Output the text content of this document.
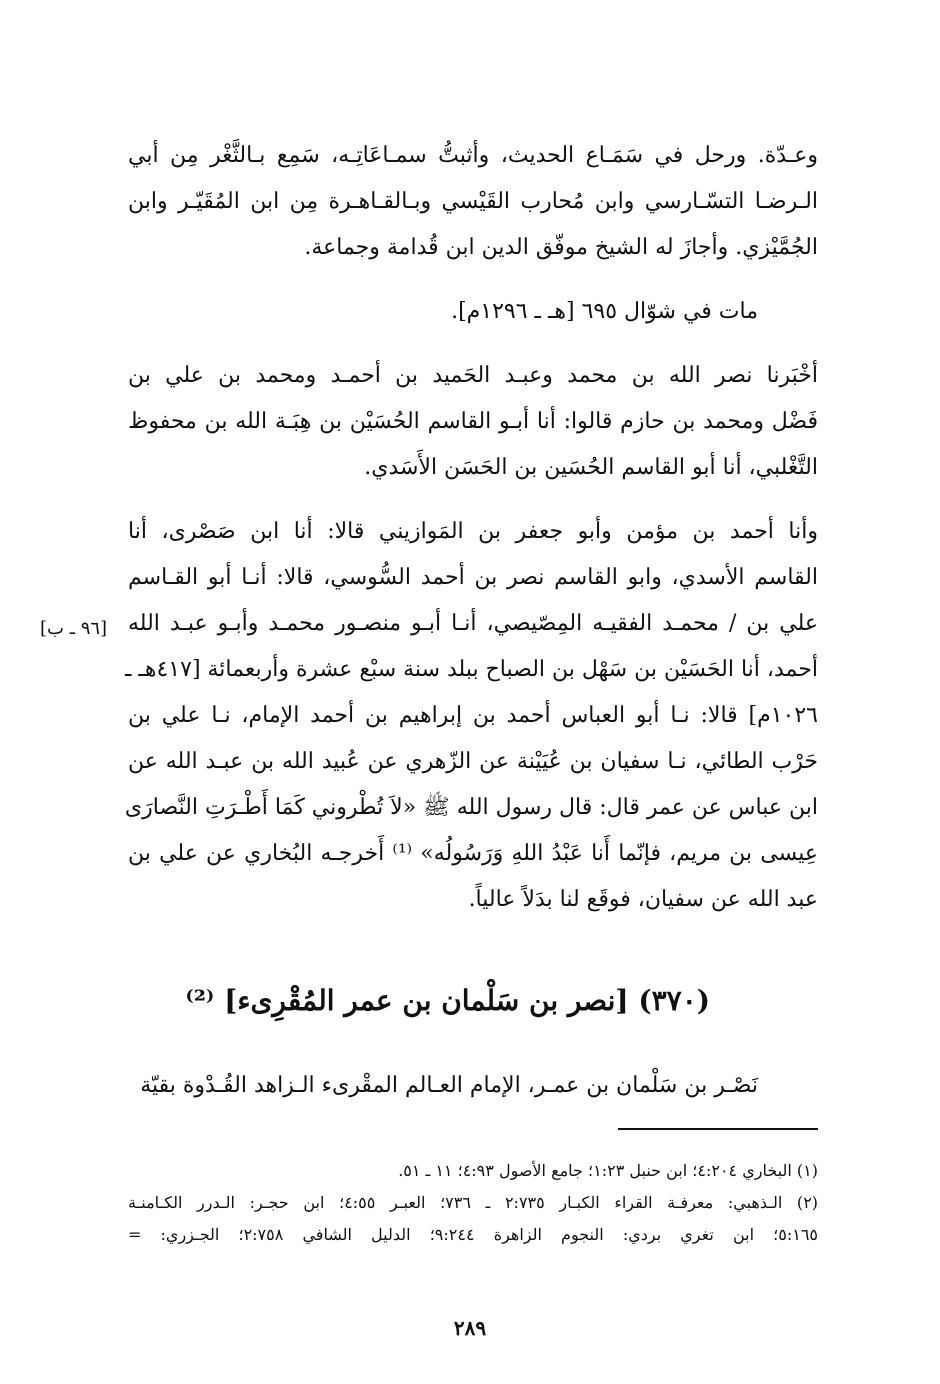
وعـدّة. ورحل في سَمَـاع الحديث، وأثبتُّ سمـاعَاتِـه، سَمِع بـالثَّغْر مِن أبي
الـرضـا التسّـارسي وابن مُحارب القَيْسي وبـالقـاهـرة مِن ابن المُقَيّـر وابن
الجُمَّيْزي. وأجازَ له الشيخ موفّق الدين ابن قُدامة وجماعة.
مات في شوّال ٦٩٥ [هـ ـ ١٢٩٦م].
أخْبَرنا نصر الله بن محمد وعبـد الحَميد بن أحمـد ومحمد بن علي بن
فَضْل ومحمد بن حازم قالوا: أنا أبـو القاسم الحُسَيْن بن هِبَـة الله بن محفوظ
التَّغْلبي، أنا أبو القاسم الحُسَين بن الحَسَن الأَسَدي.
وأنا أحمد بن مؤمن وأبو جعفر بن المَوازيني قالا: أنا ابن صَصْرى، أنا
القاسم الأسدي، وابو القاسم نصر بن أحمد السُّوسي، قالا: أنـا أبو القـاسم
علي بن / محمـد الفقيـه المِصّيصي، أنـا أبـو منصـور محمـد وأبـو عبـد الله
أحمد، أنا الحَسَيْن بن سَهْل بن الصباح ببلد سنة سبْع عشرة وأربعمائة [٤١٧هـ ـ
١٠٢٦م] قالا: نـا أبو العباس أحمد بن إبراهيم بن أحمد الإمام، نـا علي بن
حَرْب الطائي، نـا سفيان بن عُيَيْنة عن الزّهري عن عُبيد الله بن عبـد الله عن
ابن عباس عن عمر قال: قال رسول الله ﷺ «لاَ تُطْروني كَمَا أَطْـرَتِ النَّصارَى
عِيسى بن مريم، فإنّما أَنا عَبْدُ اللهِ وَرَسُولُه» ⁽¹⁾ أَخرجـه البُخاري عن علي بن
عبد الله عن سفيان، فوقَع لنا بدَلاً عالياً.
[٩٦ ـ ب]
(٣٧٠) [نصر بن سَلْمان بن عمر المُقْرِىء] ⁽²⁾
نَصْـر بن سَلْمان بن عمـر، الإمام العـالم المقْرىء الـزاهد القُـدْوة بقيّة
(١) البخاري ٤:٢٠٤؛ ابن حنبل ١:٢٣؛ جامع الأصول ٤:٩٣؛ ١١ ـ ٥١.
(٢) الـذهبي: معرفـة القراء الكبـار ٢:٧٣٥ ـ ٧٣٦؛ العبـر ٤:٥٥؛ ابن حجـر: الـدرر الكـامنـة
٥:١٦٥؛ ابن تغري بردي: النجوم الزاهرة ٩:٢٤٤؛ الدليل الشافي ٢:٧٥٨؛ الجـزري: =
٢٨٩
